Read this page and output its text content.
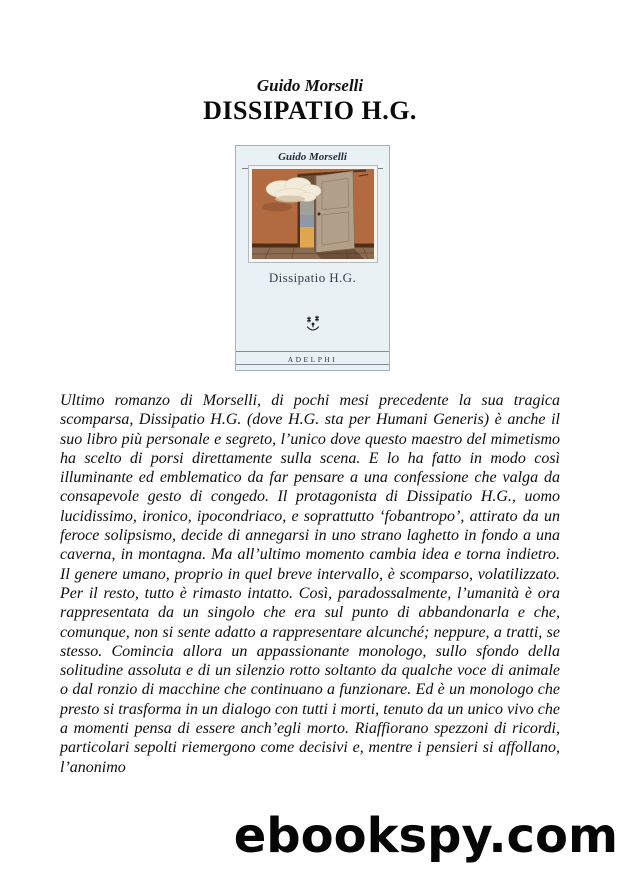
Guido Morselli
DISSIPATIO H.G.
Guido Morselli
Dissipatio H.G.
ADELPHI

Ultimo romanzo di Morselli, di pochi mesi precedente la sua tragica scomparsa, Dissipatio H.G. (dove H.G. sta per Humani Generis) è anche il suo libro più personale e segreto, l’unico dove questo maestro del mimetismo ha scelto di porsi direttamente sulla scena. E lo ha fatto in modo così illuminante ed emblematico da far pensare a una confessione che valga da consapevole gesto di congedo. Il protagonista di Dissipatio H.G., uomo lucidissimo, ironico, ipocondriaco, e soprattutto ‘fobantropo’, attirato da un feroce solipsismo, decide di annegarsi in uno strano laghetto in fondo a una caverna, in montagna. Ma all’ultimo momento cambia idea e torna indietro. Il genere umano, proprio in quel breve intervallo, è scomparso, volatilizzato. Per il resto, tutto è rimasto intatto. Così, paradossalmente, l’umanità è ora rappresentata da un singolo che era sul punto di abbandonarla e che, comunque, non si sente adatto a rappresentare alcunché; neppure, a tratti, se stesso. Comincia allora un appassionante monologo, sullo sfondo della solitudine assoluta e di un silenzio rotto soltanto da qualche voce di animale o dal ronzio di macchine che continuano a funzionare. Ed è un monologo che presto si trasforma in un dialogo con tutti i morti, tenuto da un unico vivo che a momenti pensa di essere anch’egli morto. Riaffiorano spezzoni di ricordi, particolari sepolti riemergono come decisivi e, mentre i pensieri si affollano, l’anonimo

ebookspy.com
